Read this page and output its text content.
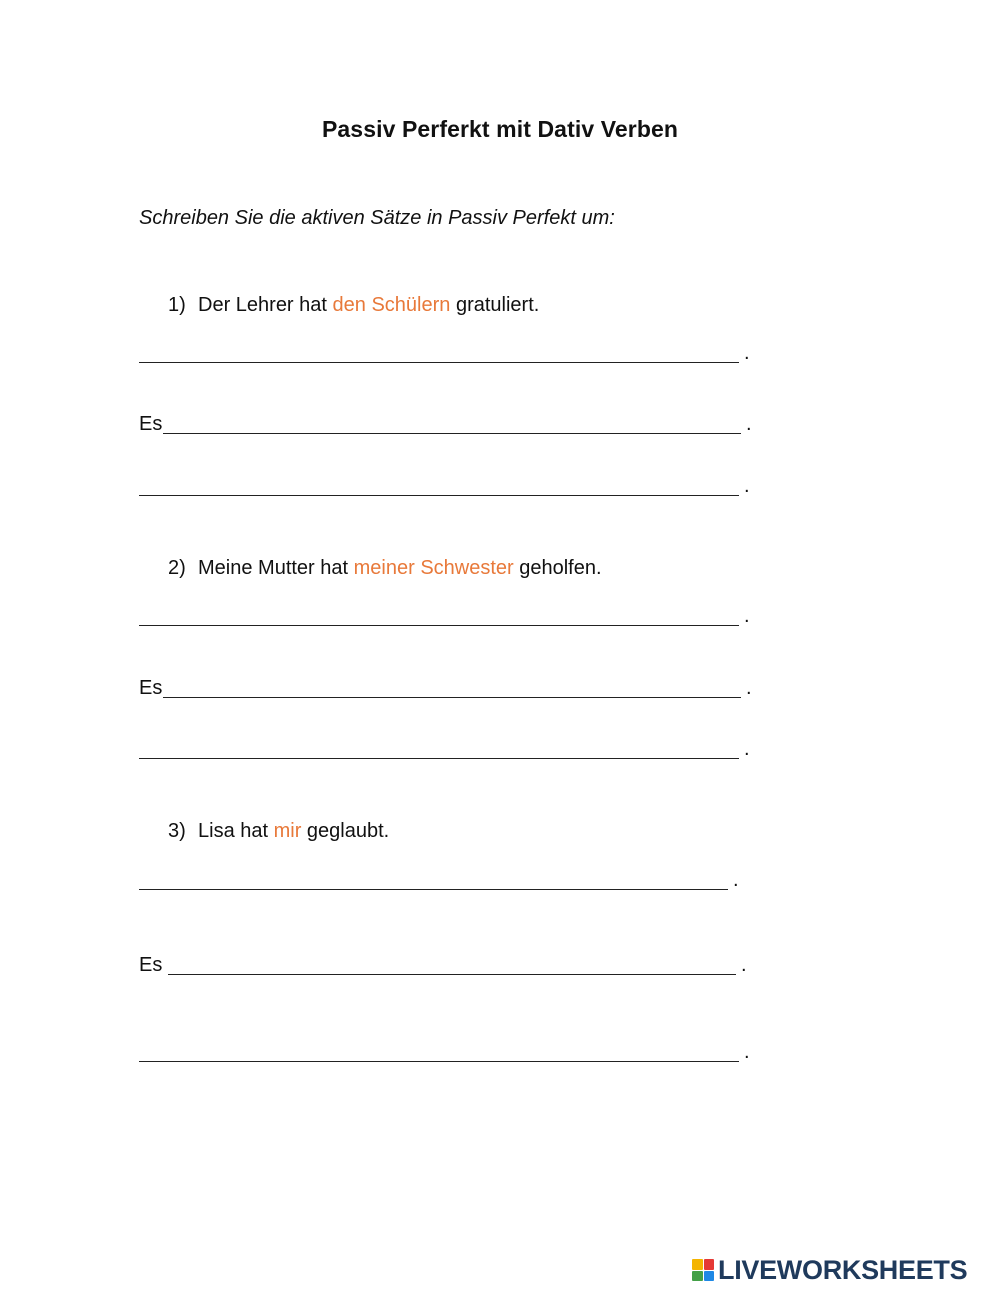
Passiv Perferkt mit Dativ Verben
Schreiben Sie die aktiven Sätze in Passiv Perfekt um:
1) Der Lehrer hat den Schülern gratuliert.
.
Es	.
.
2) Meine Mutter hat meiner Schwester geholfen.
.
Es	.
.
3) Lisa hat mir geglaubt.
.
Es	.
.
LIVEWORKSHEETS
